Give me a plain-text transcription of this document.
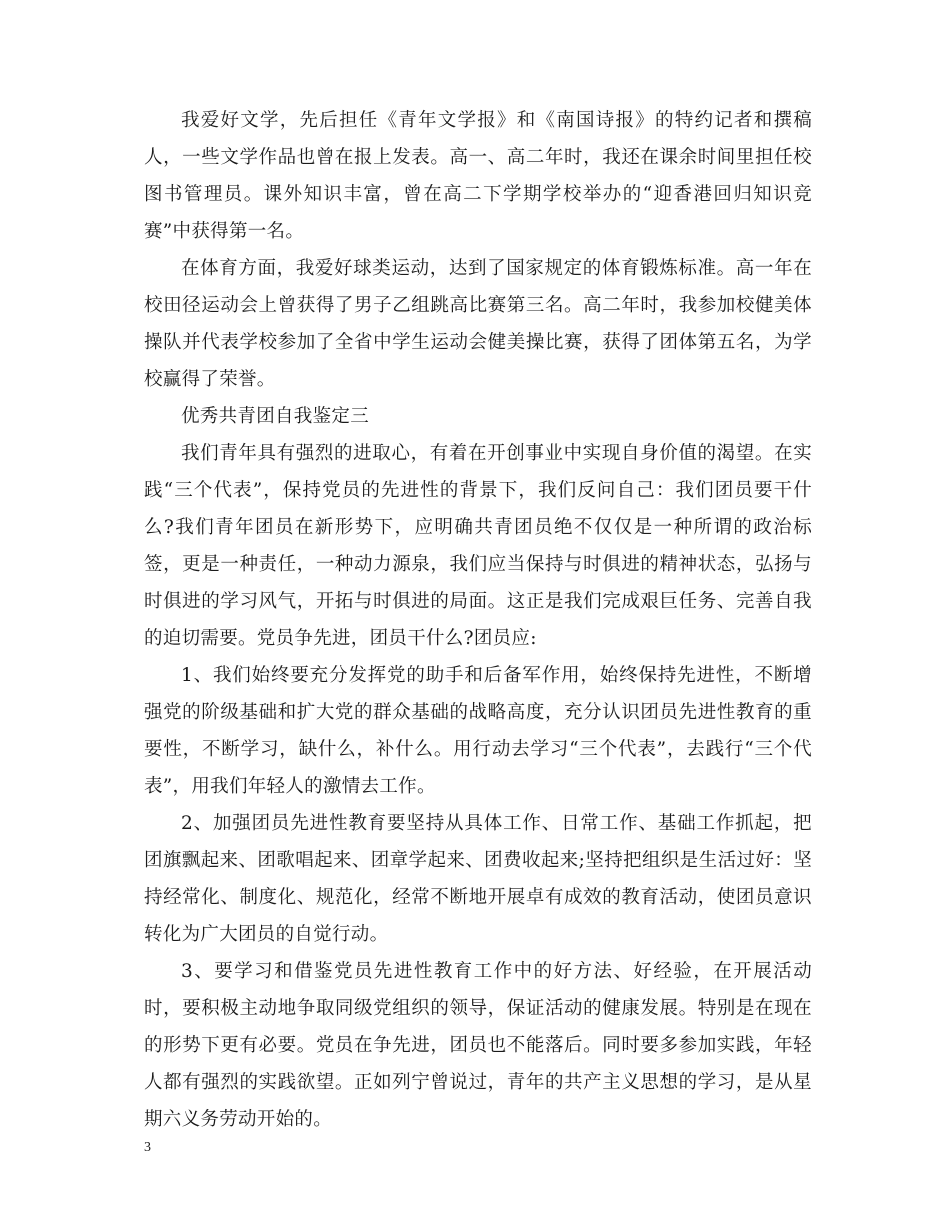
我爱好文学，先后担任《青年文学报》和《南国诗报》的特约记者和撰稿人，一些文学作品也曾在报上发表。高一、高二年时，我还在课余时间里担任校图书管理员。课外知识丰富，曾在高二下学期学校举办的“迎香港回归知识竞赛”中获得第一名。

在体育方面，我爱好球类运动，达到了国家规定的体育锻炼标准。高一年在校田径运动会上曾获得了男子乙组跳高比赛第三名。高二年时，我参加校健美体操队并代表学校参加了全省中学生运动会健美操比赛，获得了团体第五名，为学校赢得了荣誉。

优秀共青团自我鉴定三

我们青年具有强烈的进取心，有着在开创事业中实现自身价值的渴望。在实践“三个代表”，保持党员的先进性的背景下，我们反问自己：我们团员要干什么?我们青年团员在新形势下，应明确共青团员绝不仅仅是一种所谓的政治标签，更是一种责任，一种动力源泉，我们应当保持与时俱进的精神状态，弘扬与时俱进的学习风气，开拓与时俱进的局面。这正是我们完成艰巨任务、完善自我的迫切需要。党员争先进，团员干什么?团员应:

1、我们始终要充分发挥党的助手和后备军作用，始终保持先进性，不断增强党的阶级基础和扩大党的群众基础的战略高度，充分认识团员先进性教育的重要性，不断学习，缺什么，补什么。用行动去学习“三个代表”，去践行“三个代表”，用我们年轻人的激情去工作。

2、加强团员先进性教育要坚持从具体工作、日常工作、基础工作抓起，把团旗飘起来、团歌唱起来、团章学起来、团费收起来;坚持把组织是生活过好：坚持经常化、制度化、规范化，经常不断地开展卓有成效的教育活动，使团员意识转化为广大团员的自觉行动。

3、要学习和借鉴党员先进性教育工作中的好方法、好经验，在开展活动时，要积极主动地争取同级党组织的领导，保证活动的健康发展。特别是在现在的形势下更有必要。党员在争先进，团员也不能落后。同时要多参加实践，年轻人都有强烈的实践欲望。正如列宁曾说过，青年的共产主义思想的学习，是从星期六义务劳动开始的。

3
